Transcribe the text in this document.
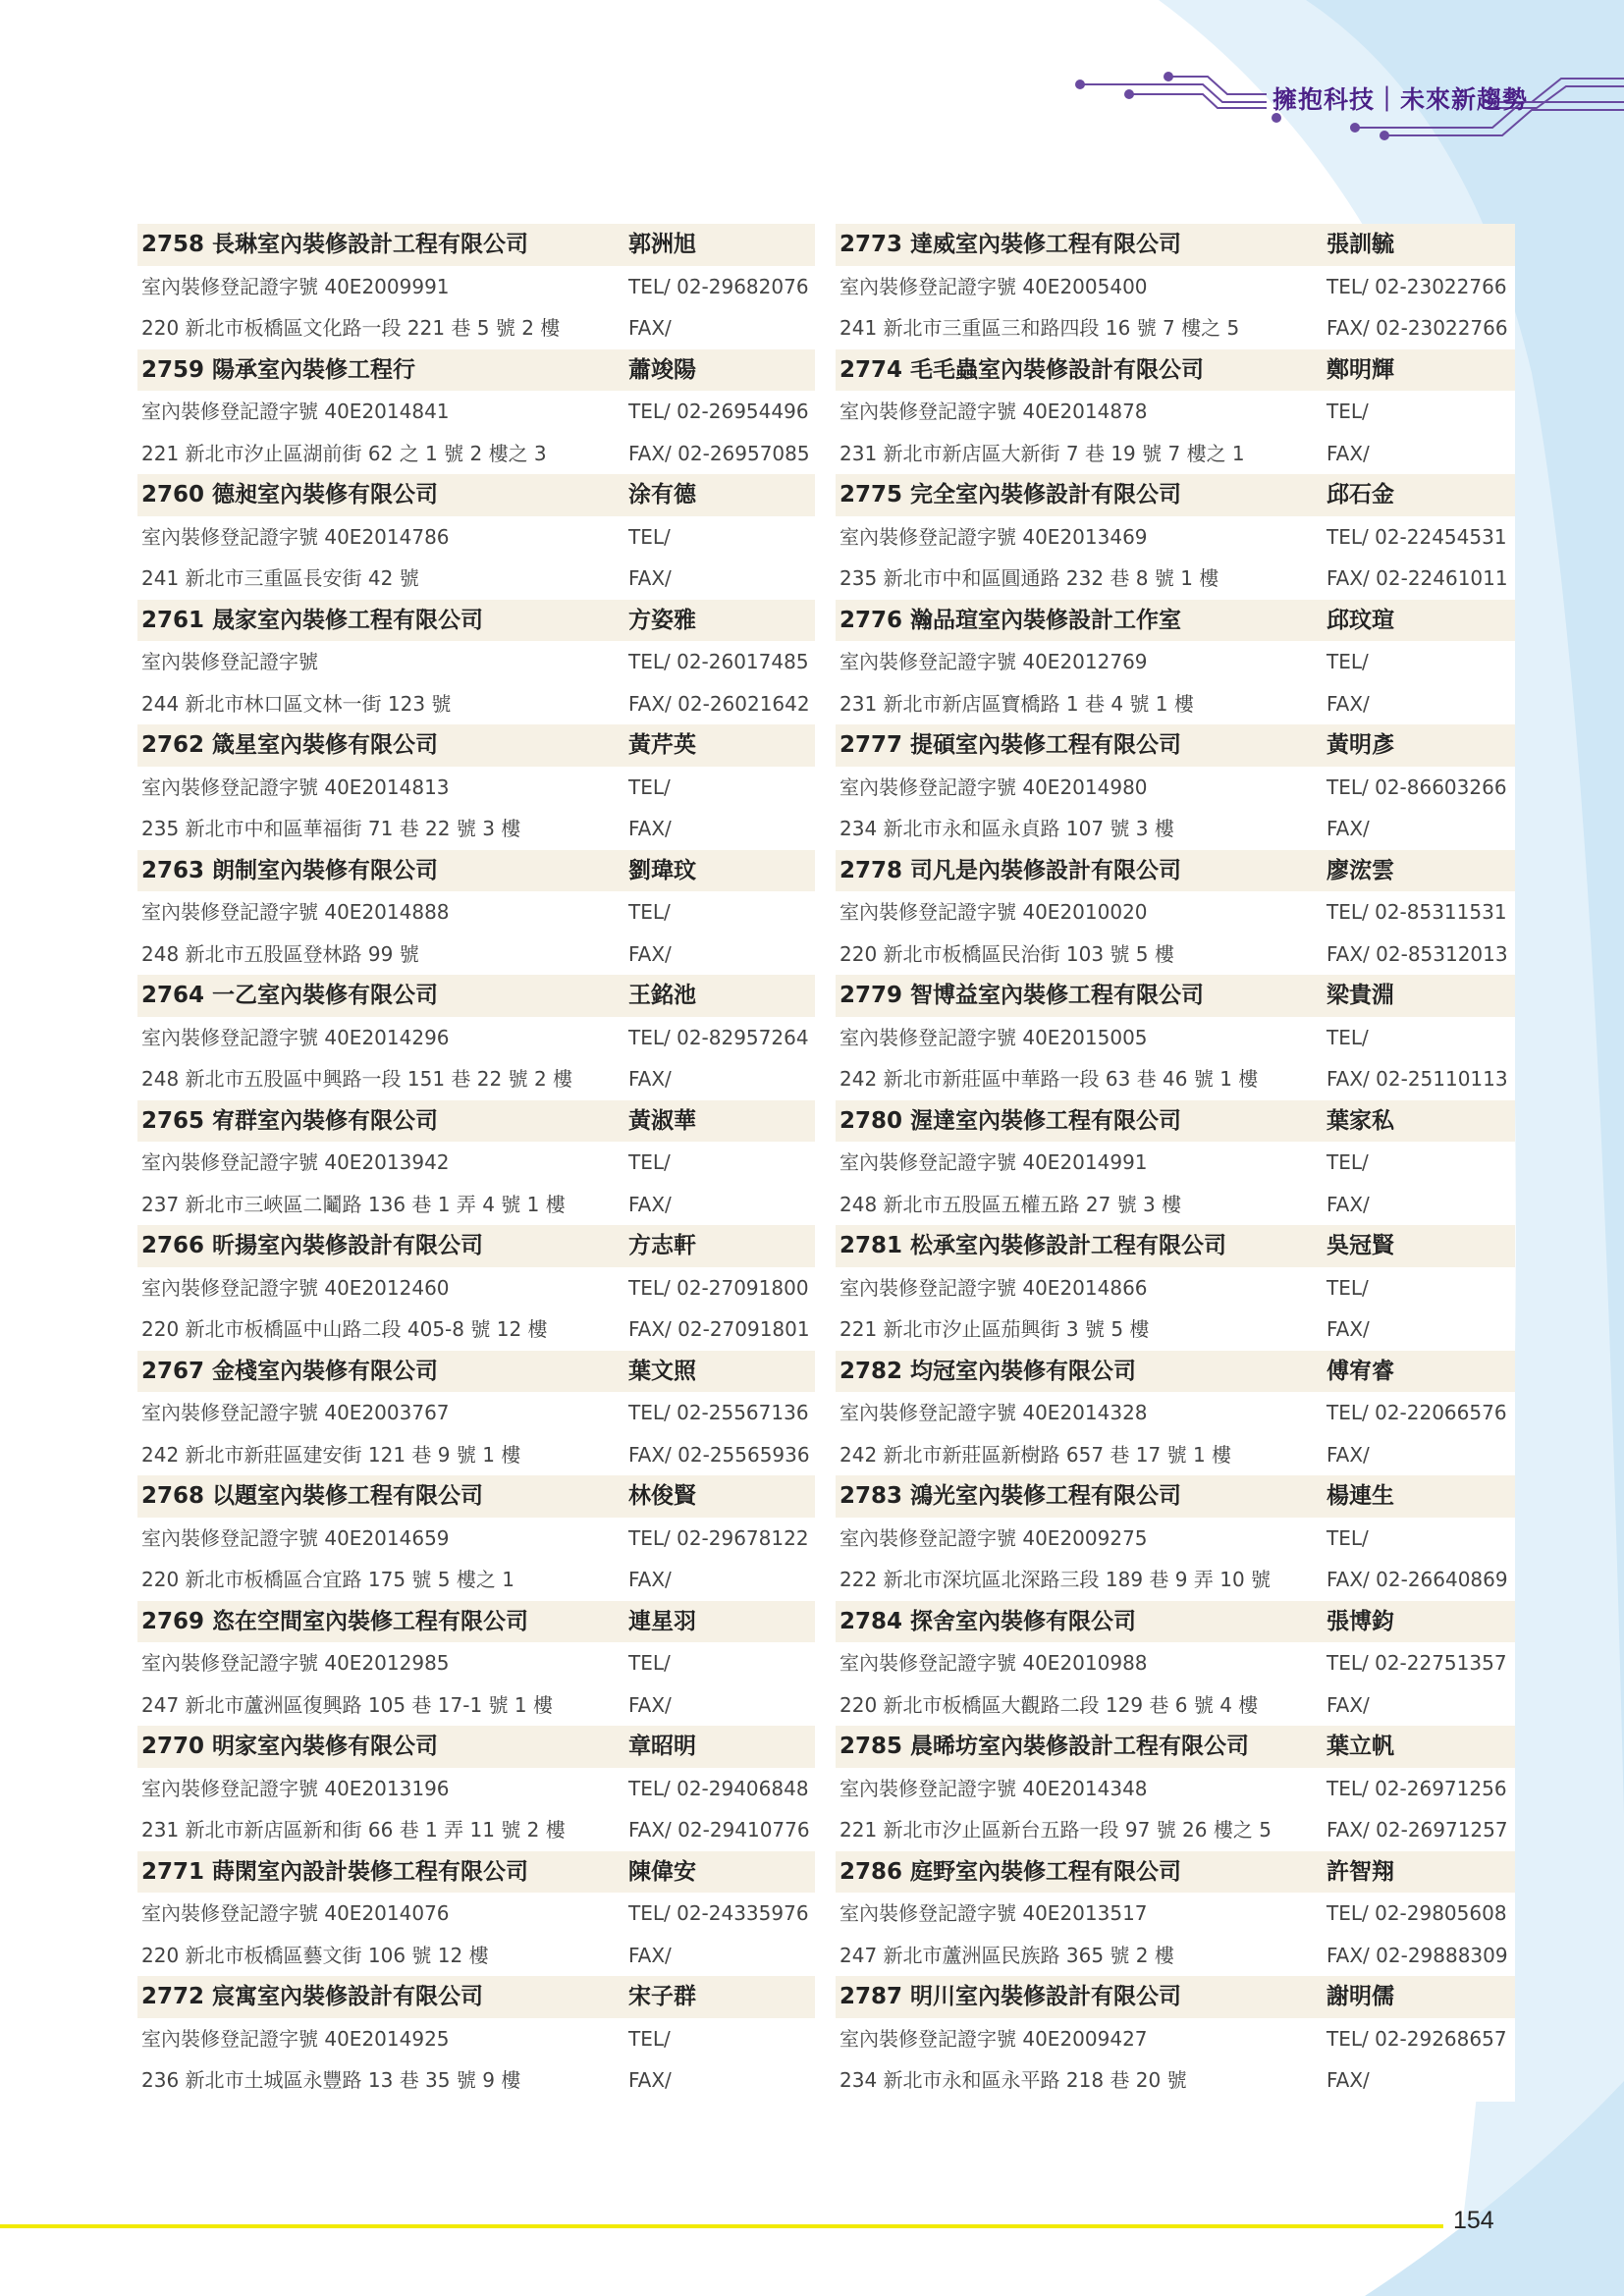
擁抱科技｜未來新趨勢
2758 長琳室內裝修設計工程有限公司	郭洲旭
室內裝修登記證字號 40E2009991	TEL/ 02-29682076
220 新北市板橋區文化路一段 221 巷 5 號 2 樓	FAX/
2759 陽承室內裝修工程行	蕭竣陽
室內裝修登記證字號 40E2014841	TEL/ 02-26954496
221 新北市汐止區湖前街 62 之 1 號 2 樓之 3	FAX/ 02-26957085
2760 德昶室內裝修有限公司	涂有德
室內裝修登記證字號 40E2014786	TEL/
241 新北市三重區長安街 42 號	FAX/
2761 晟家室內裝修工程有限公司	方姿雅
室內裝修登記證字號	TEL/ 02-26017485
244 新北市林口區文林一街 123 號	FAX/ 02-26021642
2762 箴星室內裝修有限公司	黃芹英
室內裝修登記證字號 40E2014813	TEL/
235 新北市中和區華福街 71 巷 22 號 3 樓	FAX/
2763 朗制室內裝修有限公司	劉瑋玟
室內裝修登記證字號 40E2014888	TEL/
248 新北市五股區登林路 99 號	FAX/
2764 一乙室內裝修有限公司	王銘池
室內裝修登記證字號 40E2014296	TEL/ 02-82957264
248 新北市五股區中興路一段 151 巷 22 號 2 樓	FAX/
2765 宥群室內裝修有限公司	黃淑華
室內裝修登記證字號 40E2013942	TEL/
237 新北市三峽區二鬮路 136 巷 1 弄 4 號 1 樓	FAX/
2766 昕揚室內裝修設計有限公司	方志軒
室內裝修登記證字號 40E2012460	TEL/ 02-27091800
220 新北市板橋區中山路二段 405-8 號 12 樓	FAX/ 02-27091801
2767 金棧室內裝修有限公司	葉文照
室內裝修登記證字號 40E2003767	TEL/ 02-25567136
242 新北市新莊區建安街 121 巷 9 號 1 樓	FAX/ 02-25565936
2768 以題室內裝修工程有限公司	林俊賢
室內裝修登記證字號 40E2014659	TEL/ 02-29678122
220 新北市板橋區合宜路 175 號 5 樓之 1	FAX/
2769 恣在空間室內裝修工程有限公司	連星羽
室內裝修登記證字號 40E2012985	TEL/
247 新北市蘆洲區復興路 105 巷 17-1 號 1 樓	FAX/
2770 明家室內裝修有限公司	章昭明
室內裝修登記證字號 40E2013196	TEL/ 02-29406848
231 新北市新店區新和街 66 巷 1 弄 11 號 2 樓	FAX/ 02-29410776
2771 蒔閑室內設計裝修工程有限公司	陳偉安
室內裝修登記證字號 40E2014076	TEL/ 02-24335976
220 新北市板橋區藝文街 106 號 12 樓	FAX/
2772 宸寓室內裝修設計有限公司	宋子群
室內裝修登記證字號 40E2014925	TEL/
236 新北市土城區永豐路 13 巷 35 號 9 樓	FAX/
2773 達威室內裝修工程有限公司	張訓毓
室內裝修登記證字號 40E2005400	TEL/ 02-23022766
241 新北市三重區三和路四段 16 號 7 樓之 5	FAX/ 02-23022766
2774 毛毛蟲室內裝修設計有限公司	鄭明輝
室內裝修登記證字號 40E2014878	TEL/
231 新北市新店區大新街 7 巷 19 號 7 樓之 1	FAX/
2775 完全室內裝修設計有限公司	邱石金
室內裝修登記證字號 40E2013469	TEL/ 02-22454531
235 新北市中和區圓通路 232 巷 8 號 1 樓	FAX/ 02-22461011
2776 瀚品瑄室內裝修設計工作室	邱玟瑄
室內裝修登記證字號 40E2012769	TEL/
231 新北市新店區寶橋路 1 巷 4 號 1 樓	FAX/
2777 提碩室內裝修工程有限公司	黃明彥
室內裝修登記證字號 40E2014980	TEL/ 02-86603266
234 新北市永和區永貞路 107 號 3 樓	FAX/
2778 司凡是內裝修設計有限公司	廖浤雲
室內裝修登記證字號 40E2010020	TEL/ 02-85311531
220 新北市板橋區民治街 103 號 5 樓	FAX/ 02-85312013
2779 智博益室內裝修工程有限公司	梁貴淵
室內裝修登記證字號 40E2015005	TEL/
242 新北市新莊區中華路一段 63 巷 46 號 1 樓	FAX/ 02-25110113
2780 渥達室內裝修工程有限公司	葉家私
室內裝修登記證字號 40E2014991	TEL/
248 新北市五股區五權五路 27 號 3 樓	FAX/
2781 松承室內裝修設計工程有限公司	吳冠賢
室內裝修登記證字號 40E2014866	TEL/
221 新北市汐止區茄興街 3 號 5 樓	FAX/
2782 均冠室內裝修有限公司	傅宥睿
室內裝修登記證字號 40E2014328	TEL/ 02-22066576
242 新北市新莊區新樹路 657 巷 17 號 1 樓	FAX/
2783 鴻光室內裝修工程有限公司	楊連生
室內裝修登記證字號 40E2009275	TEL/
222 新北市深坑區北深路三段 189 巷 9 弄 10 號	FAX/ 02-26640869
2784 探舍室內裝修有限公司	張博鈞
室內裝修登記證字號 40E2010988	TEL/ 02-22751357
220 新北市板橋區大觀路二段 129 巷 6 號 4 樓	FAX/
2785 晨晞坊室內裝修設計工程有限公司	葉立帆
室內裝修登記證字號 40E2014348	TEL/ 02-26971256
221 新北市汐止區新台五路一段 97 號 26 樓之 5	FAX/ 02-26971257
2786 庭野室內裝修工程有限公司	許智翔
室內裝修登記證字號 40E2013517	TEL/ 02-29805608
247 新北市蘆洲區民族路 365 號 2 樓	FAX/ 02-29888309
2787 明川室內裝修設計有限公司	謝明儒
室內裝修登記證字號 40E2009427	TEL/ 02-29268657
234 新北市永和區永平路 218 巷 20 號	FAX/
154
